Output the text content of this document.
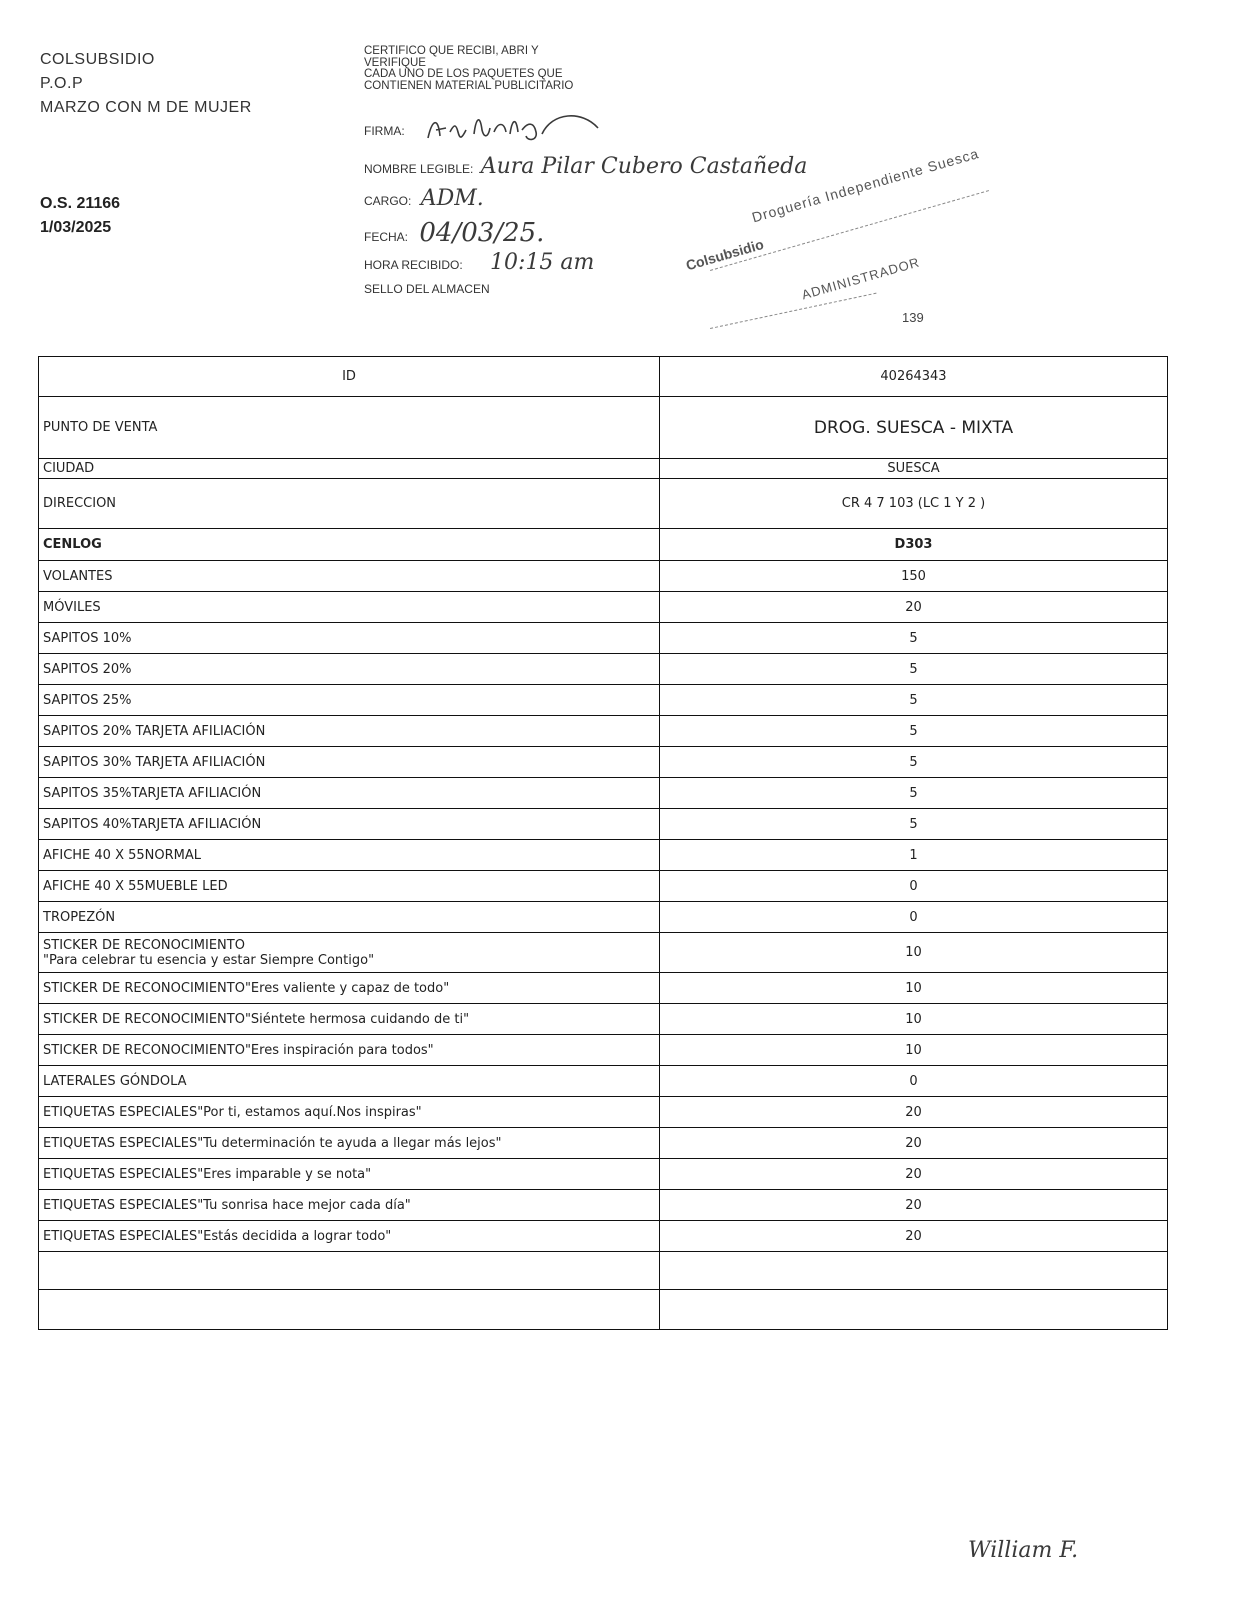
COLSUBSIDIO
P.O.P
MARZO CON M DE MUJER
O.S. 21166
1/03/2025
CERTIFICO QUE RECIBI, ABRI Y
VERIFIQUE
CADA UNO DE LOS PAQUETES QUE
CONTIENEN MATERIAL PUBLICITARIO
FIRMA:
NOMBRE LEGIBLE: Aura Pilar Cubero Castañeda
CARGO: ADM.
FECHA: 04/03/25.
HORA RECIBIDO: 10:15 am
SELLO DEL ALMACEN
Droguería Independiente Suesca
Colsubsidio	ADMINISTRADOR
139
ID	40264343
PUNTO DE VENTA	DROG. SUESCA - MIXTA
CIUDAD	SUESCA
DIRECCION	CR 4 7 103 (LC 1 Y 2 )
CENLOG	D303

VOLANTES	150

MÓVILES	20

SAPITOS 10%	5

SAPITOS 20%	5

SAPITOS 25%	5

SAPITOS 20% TARJETA AFILIACIÓN	5

SAPITOS 30% TARJETA AFILIACIÓN	5

SAPITOS 35%TARJETA AFILIACIÓN	5

SAPITOS 40%TARJETA AFILIACIÓN	5

AFICHE 40 X 55NORMAL	1

AFICHE 40 X 55MUEBLE LED	0

TROPEZÓN	0

STICKER DE RECONOCIMIENTO
"Para celebrar tu esencia y estar Siempre Contigo"	10

STICKER DE RECONOCIMIENTO"Eres valiente y capaz de todo"	10

STICKER DE RECONOCIMIENTO"Siéntete hermosa cuidando de ti"	10

STICKER DE RECONOCIMIENTO"Eres inspiración para todos"	10

LATERALES GÓNDOLA	0

ETIQUETAS ESPECIALES"Por ti, estamos aquí.Nos inspiras"	20

ETIQUETAS ESPECIALES"Tu determinación te ayuda a llegar más lejos"	20

ETIQUETAS ESPECIALES"Eres imparable y se nota"	20

ETIQUETAS ESPECIALES"Tu sonrisa hace mejor cada día"	20

ETIQUETAS ESPECIALES"Estás decidida a lograr todo"	20

William F.
